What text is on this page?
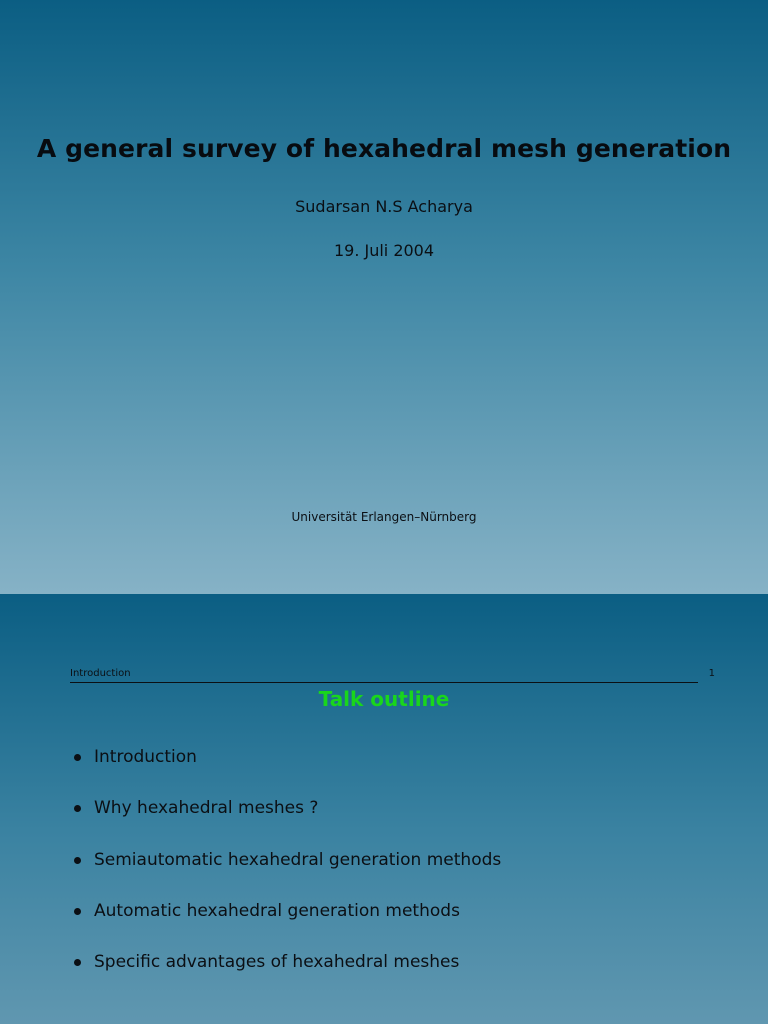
A general survey of hexahedral mesh generation
Sudarsan N.S Acharya
19. Juli 2004
Universität Erlangen–Nürnberg
Introduction	1
Talk outline
Introduction
Why hexahedral meshes ?
Semiautomatic hexahedral generation methods
Automatic hexahedral generation methods
Specific advantages of hexahedral meshes
